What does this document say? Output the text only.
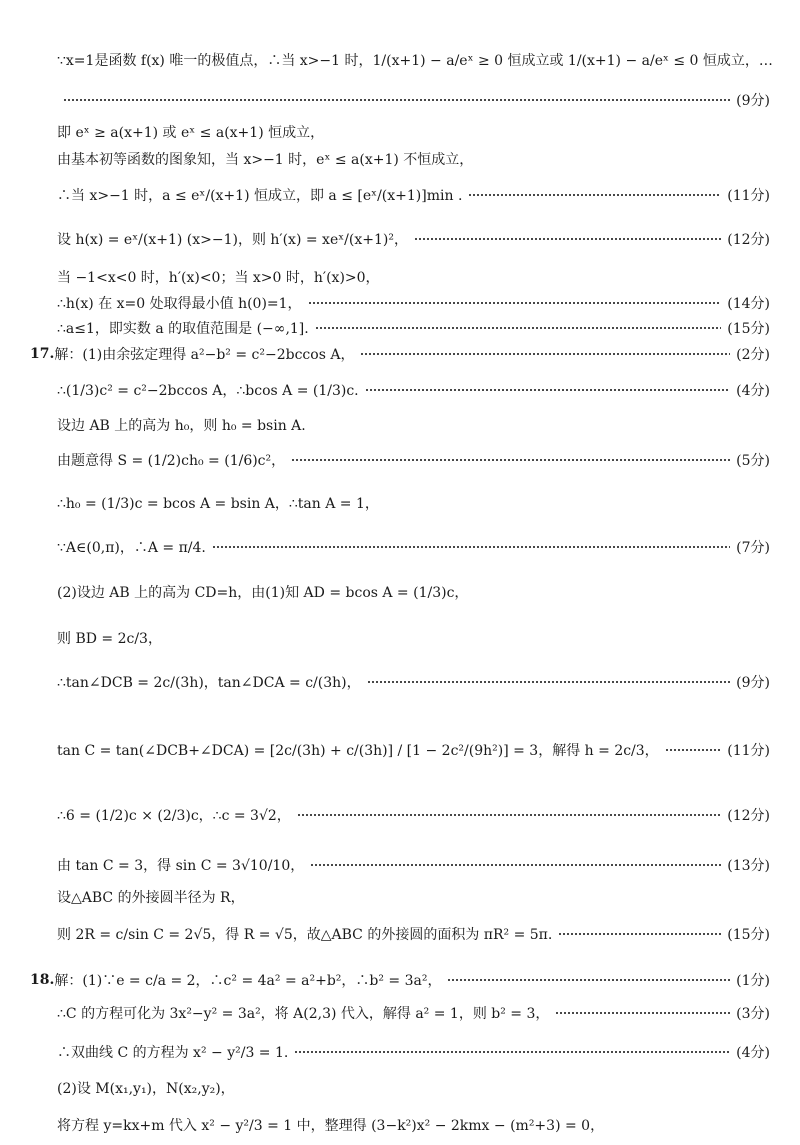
∵x=1是函数 f(x) 唯一的极值点，∴当 x>−1 时，1/(x+1) − a/eˣ ≥ 0 恒成立或 1/(x+1) − a/eˣ ≤ 0 恒成立，…
(9分)
即 eˣ ≥ a(x+1) 或 eˣ ≤ a(x+1) 恒成立，
由基本初等函数的图象知，当 x>−1 时，eˣ ≤ a(x+1) 不恒成立，
∴当 x>−1 时，a ≤ eˣ/(x+1) 恒成立，即 a ≤ [eˣ/(x+1)]min .	(11分)
设 h(x) = eˣ/(x+1) (x>−1)，则 h′(x) = xeˣ/(x+1)²，	(12分)
当 −1<x<0 时，h′(x)<0；当 x>0 时，h′(x)>0，
∴h(x) 在 x=0 处取得最小值 h(0)=1，	(14分)
∴a≤1，即实数 a 的取值范围是 (−∞,1].	(15分)
17. 解：(1)由余弦定理得 a²−b² = c²−2bccos A，	(2分)
∴(1/3)c² = c²−2bccos A，∴bcos A = (1/3)c.	(4分)
设边 AB 上的高为 h₀，则 h₀ = bsin A.
由题意得 S = (1/2)ch₀ = (1/6)c²，	(5分)
∴h₀ = (1/3)c = bcos A = bsin A，∴tan A = 1，
∵A∈(0,π)，∴A = π/4.	(7分)
(2)设边 AB 上的高为 CD=h，由(1)知 AD = bcos A = (1/3)c，
则 BD = 2c/3，
∴tan∠DCB = 2c/(3h)，tan∠DCA = c/(3h)，	(9分)
tan C = tan(∠DCB+∠DCA) = [2c/(3h) + c/(3h)] / [1 − 2c²/(9h²)] = 3，解得 h = 2c/3，	(11分)
∴6 = (1/2)c × (2/3)c，∴c = 3√2，	(12分)
由 tan C = 3，得 sin C = 3√10/10，	(13分)
设△ABC 的外接圆半径为 R，
则 2R = c/sin C = 2√5，得 R = √5，故△ABC 的外接圆的面积为 πR² = 5π.	(15分)
18. 解：(1)∵e = c/a = 2，∴c² = 4a² = a²+b²，∴b² = 3a²，	(1分)
∴C 的方程可化为 3x²−y² = 3a²，将 A(2,3) 代入，解得 a² = 1，则 b² = 3，	(3分)
∴双曲线 C 的方程为 x² − y²/3 = 1.	(4分)
(2)设 M(x₁,y₁)，N(x₂,y₂)，
将方程 y=kx+m 代入 x² − y²/3 = 1 中，整理得 (3−k²)x² − 2kmx − (m²+3) = 0，
